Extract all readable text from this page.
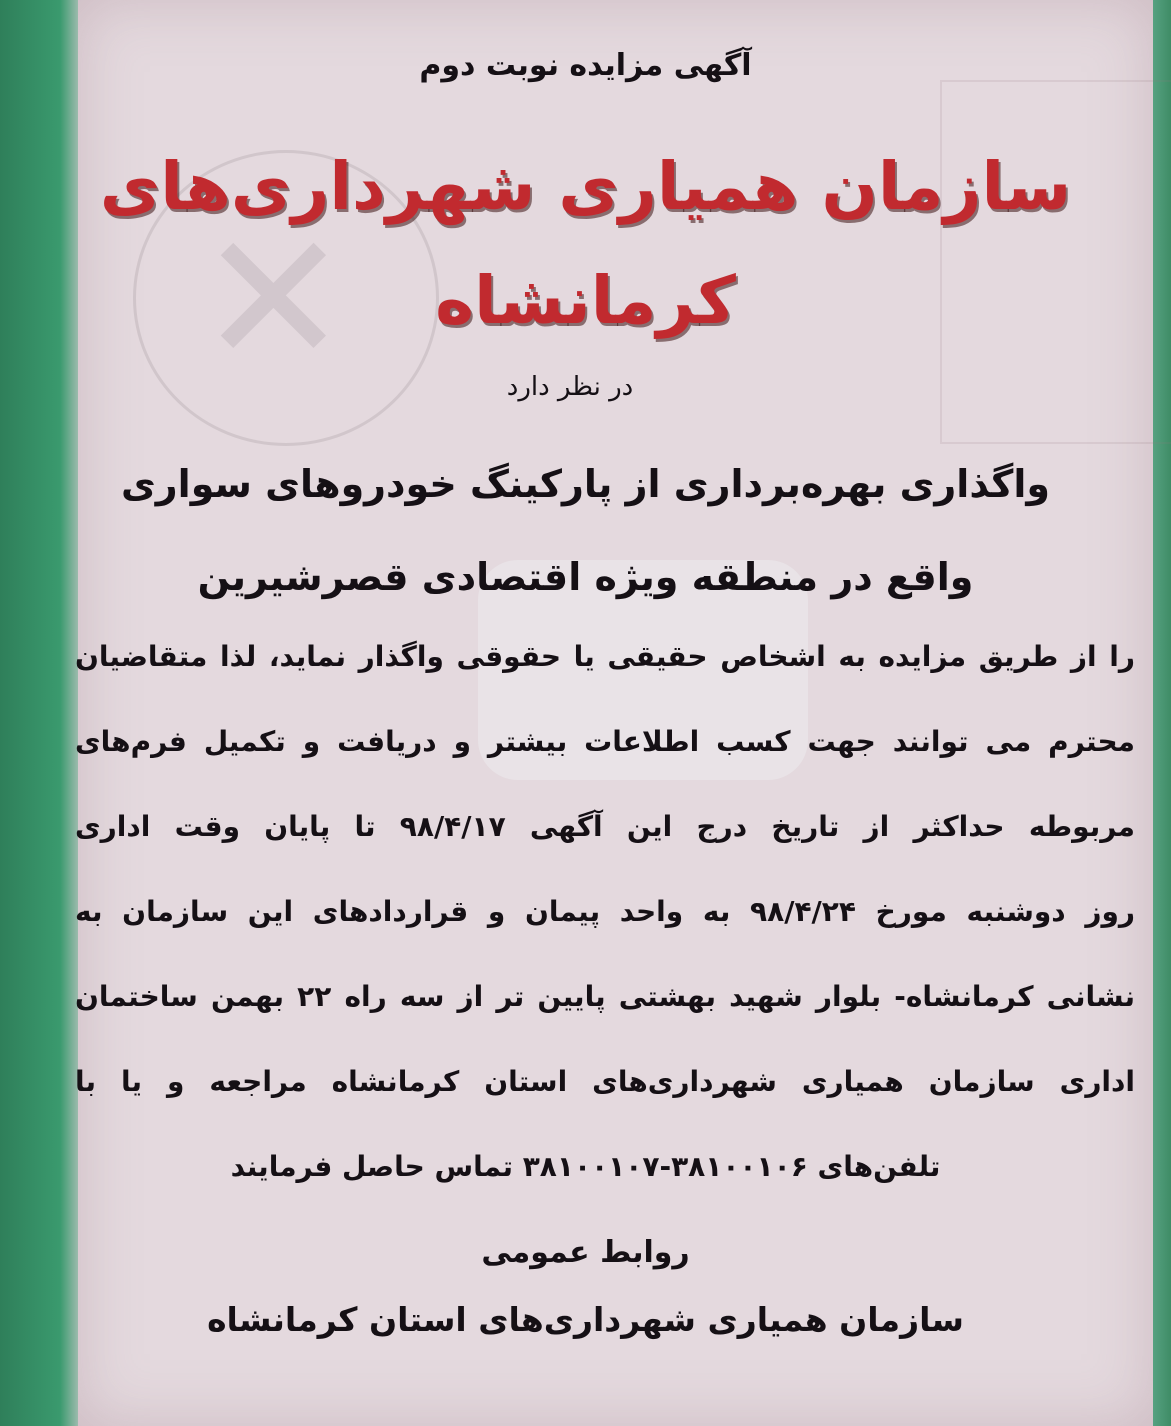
✕
آگهی مزایده نوبت دوم
سازمان همیاری شهرداری‌های
کرمانشاه
در نظر دارد
واگذاری بهره‌برداری از پارکینگ خودروهای سواری
واقع در منطقه ویژه اقتصادی قصرشیرین
را از طریق مزایده به اشخاص حقیقی یا حقوقی واگذار نماید، لذا متقاضیان
محترم می توانند جهت کسب اطلاعات بیشتر و دریافت و تکمیل فرم‌های
مربوطه حداکثر از تاریخ درج این آگهی ۹۸/۴/۱۷ تا پایان وقت اداری
روز دوشنبه مورخ ۹۸/۴/۲۴ به واحد پیمان و قراردادهای این سازمان به
نشانی کرمانشاه- بلوار شهید بهشتی پایین تر از سه راه ۲۲ بهمن ساختمان
اداری سازمان همیاری شهرداری‌های استان کرمانشاه مراجعه و یا با
تلفن‌های ۳۸۱۰۰۱۰۶-۳۸۱۰۰۱۰۷ تماس حاصل فرمایند
روابط عمومی
سازمان همیاری شهرداری‌های استان کرمانشاه
